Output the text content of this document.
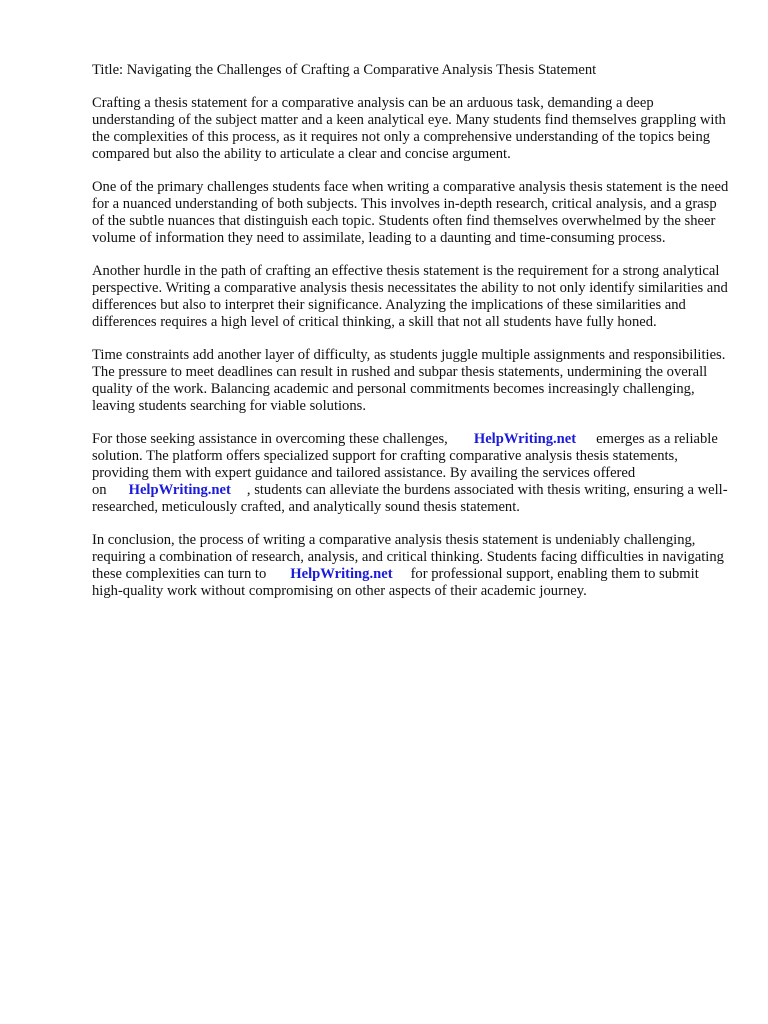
Title: Navigating the Challenges of Crafting a Comparative Analysis Thesis Statement

Crafting a thesis statement for a comparative analysis can be an arduous task, demanding a deep understanding of the subject matter and a keen analytical eye. Many students find themselves grappling with the complexities of this process, as it requires not only a comprehensive understanding of the topics being compared but also the ability to articulate a clear and concise argument.

One of the primary challenges students face when writing a comparative analysis thesis statement is the need for a nuanced understanding of both subjects. This involves in-depth research, critical analysis, and a grasp of the subtle nuances that distinguish each topic. Students often find themselves overwhelmed by the sheer volume of information they need to assimilate, leading to a daunting and time-consuming process.

Another hurdle in the path of crafting an effective thesis statement is the requirement for a strong analytical perspective. Writing a comparative analysis thesis necessitates the ability to not only identify similarities and differences but also to interpret their significance. Analyzing the implications of these similarities and differences requires a high level of critical thinking, a skill that not all students have fully honed.

Time constraints add another layer of difficulty, as students juggle multiple assignments and responsibilities. The pressure to meet deadlines can result in rushed and subpar thesis statements, undermining the overall quality of the work. Balancing academic and personal commitments becomes increasingly challenging, leaving students searching for viable solutions.

For those seeking assistance in overcoming these challenges, HelpWriting.net emerges as a reliable solution. The platform offers specialized support for crafting comparative analysis thesis statements, providing them with expert guidance and tailored assistance. By availing the services offered on HelpWriting.net , students can alleviate the burdens associated with thesis writing, ensuring a well-researched, meticulously crafted, and analytically sound thesis statement.

In conclusion, the process of writing a comparative analysis thesis statement is undeniably challenging, requiring a combination of research, analysis, and critical thinking. Students facing difficulties in navigating these complexities can turn to HelpWriting.net for professional support, enabling them to submit high-quality work without compromising on other aspects of their academic journey.
